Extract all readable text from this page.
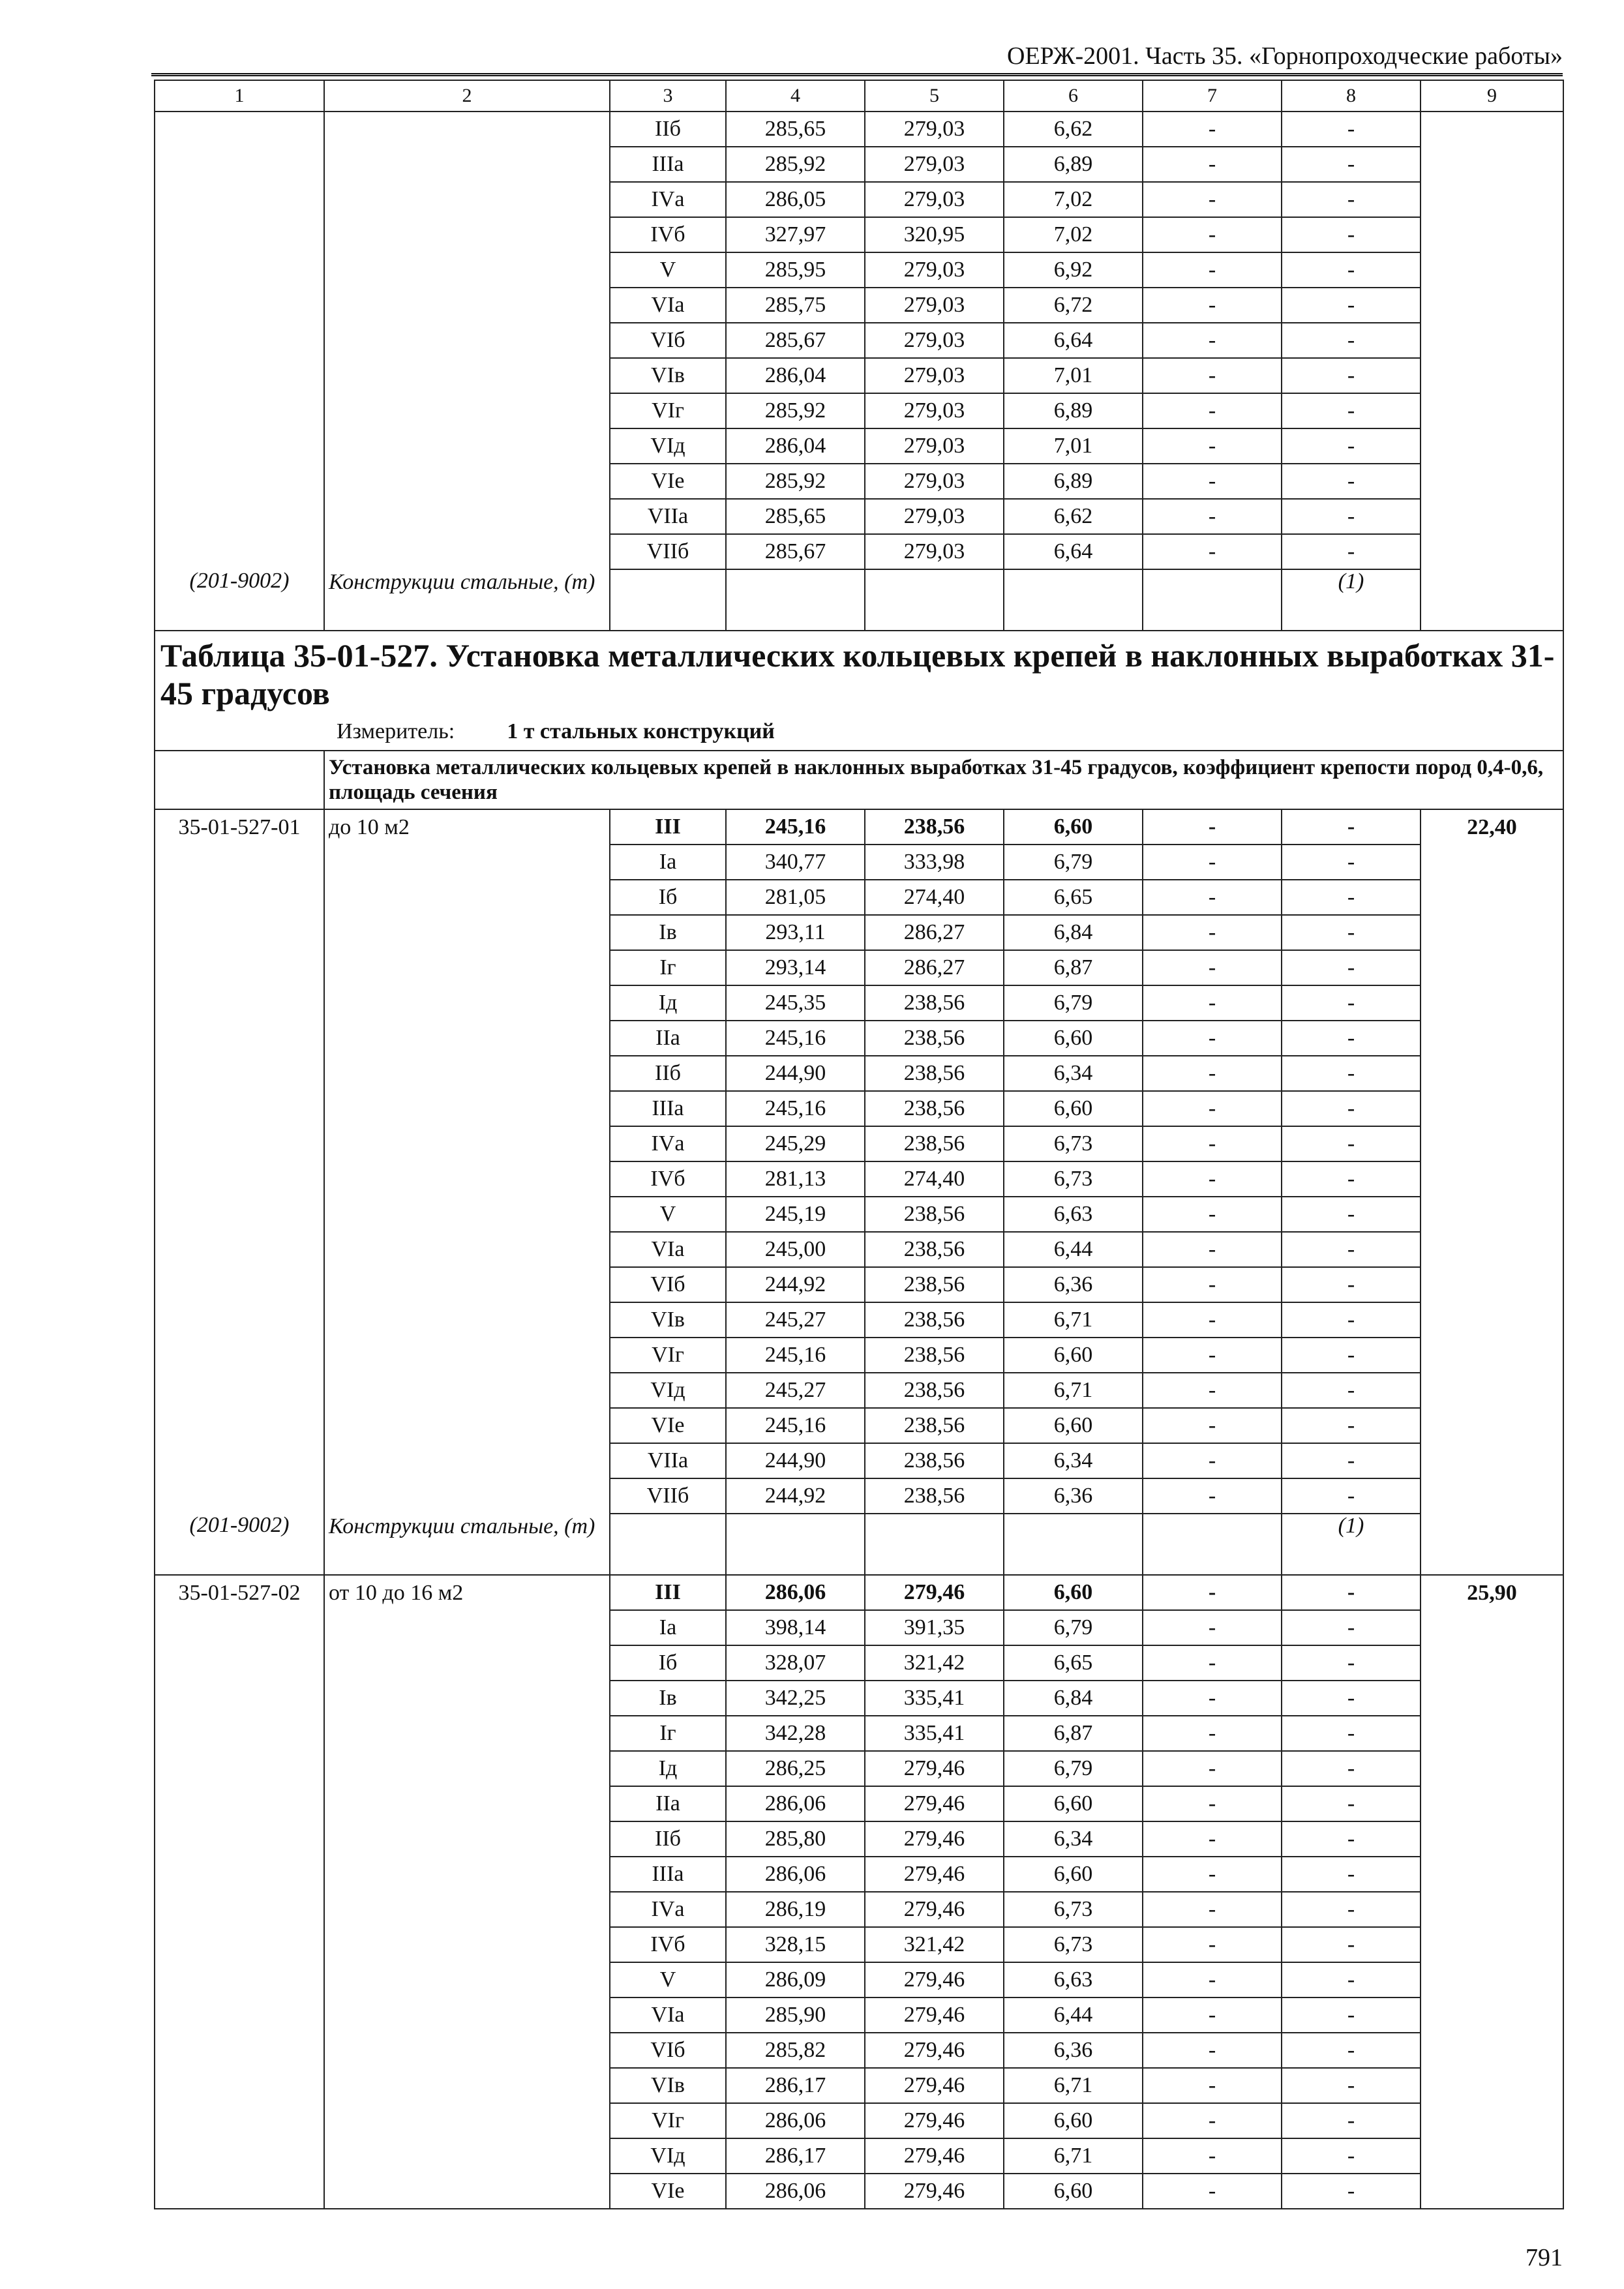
ОЕРЖ-2001. Часть 35. «Горнопроходческие работы»
1	2	3	4	5	6	7	8	9
		IIб	285,65	279,03	6,62	-	-	
		IIIа	285,92	279,03	6,89	-	-	
		IVа	286,05	279,03	7,02	-	-	
		IVб	327,97	320,95	7,02	-	-	
		V	285,95	279,03	6,92	-	-	
		VIа	285,75	279,03	6,72	-	-	
		VIб	285,67	279,03	6,64	-	-	
		VIв	286,04	279,03	7,01	-	-	
		VIг	285,92	279,03	6,89	-	-	
		VIд	286,04	279,03	7,01	-	-	
		VIе	285,92	279,03	6,89	-	-	
		VIIа	285,65	279,03	6,62	-	-	
		VIIб	285,67	279,03	6,64	-	-	
(201-9002)	Конструкции стальные, (т)						(1)	

Таблица 35-01-527. Установка металлических кольцевых крепей в наклонных выработках 31-45 градусов
Измеритель: 1 т стальных конструкций								

	Установка металлических кольцевых крепей в наклонных выработках 31-45 градусов, коэффициент крепости пород 0,4-0,6, площадь сечения							
35-01-527-01	до 10 м2	III	245,16	238,56	6,60	-	-	22,40
		Iа	340,77	333,98	6,79	-	-	
		Iб	281,05	274,40	6,65	-	-	
		Iв	293,11	286,27	6,84	-	-	
		Iг	293,14	286,27	6,87	-	-	
		Iд	245,35	238,56	6,79	-	-	
		IIа	245,16	238,56	6,60	-	-	
		IIб	244,90	238,56	6,34	-	-	
		IIIа	245,16	238,56	6,60	-	-	
		IVа	245,29	238,56	6,73	-	-	
		IVб	281,13	274,40	6,73	-	-	
		V	245,19	238,56	6,63	-	-	
		VIа	245,00	238,56	6,44	-	-	
		VIб	244,92	238,56	6,36	-	-	
		VIв	245,27	238,56	6,71	-	-	
		VIг	245,16	238,56	6,60	-	-	
		VIд	245,27	238,56	6,71	-	-	
		VIе	245,16	238,56	6,60	-	-	
		VIIа	244,90	238,56	6,34	-	-	
		VIIб	244,92	238,56	6,36	-	-	
(201-9002)	Конструкции стальные, (т)						(1)	
35-01-527-02	от 10 до 16 м2	III	286,06	279,46	6,60	-	-	25,90
		Iа	398,14	391,35	6,79	-	-	
		Iб	328,07	321,42	6,65	-	-	
		Iв	342,25	335,41	6,84	-	-	
		Iг	342,28	335,41	6,87	-	-	
		Iд	286,25	279,46	6,79	-	-	
		IIа	286,06	279,46	6,60	-	-	
		IIб	285,80	279,46	6,34	-	-	
		IIIа	286,06	279,46	6,60	-	-	
		IVа	286,19	279,46	6,73	-	-	
		IVб	328,15	321,42	6,73	-	-	
		V	286,09	279,46	6,63	-	-	
		VIа	285,90	279,46	6,44	-	-	
		VIб	285,82	279,46	6,36	-	-	
		VIв	286,17	279,46	6,71	-	-	
		VIг	286,06	279,46	6,60	-	-	
		VIд	286,17	279,46	6,71	-	-	
		VIе	286,06	279,46	6,60	-	-	
791
